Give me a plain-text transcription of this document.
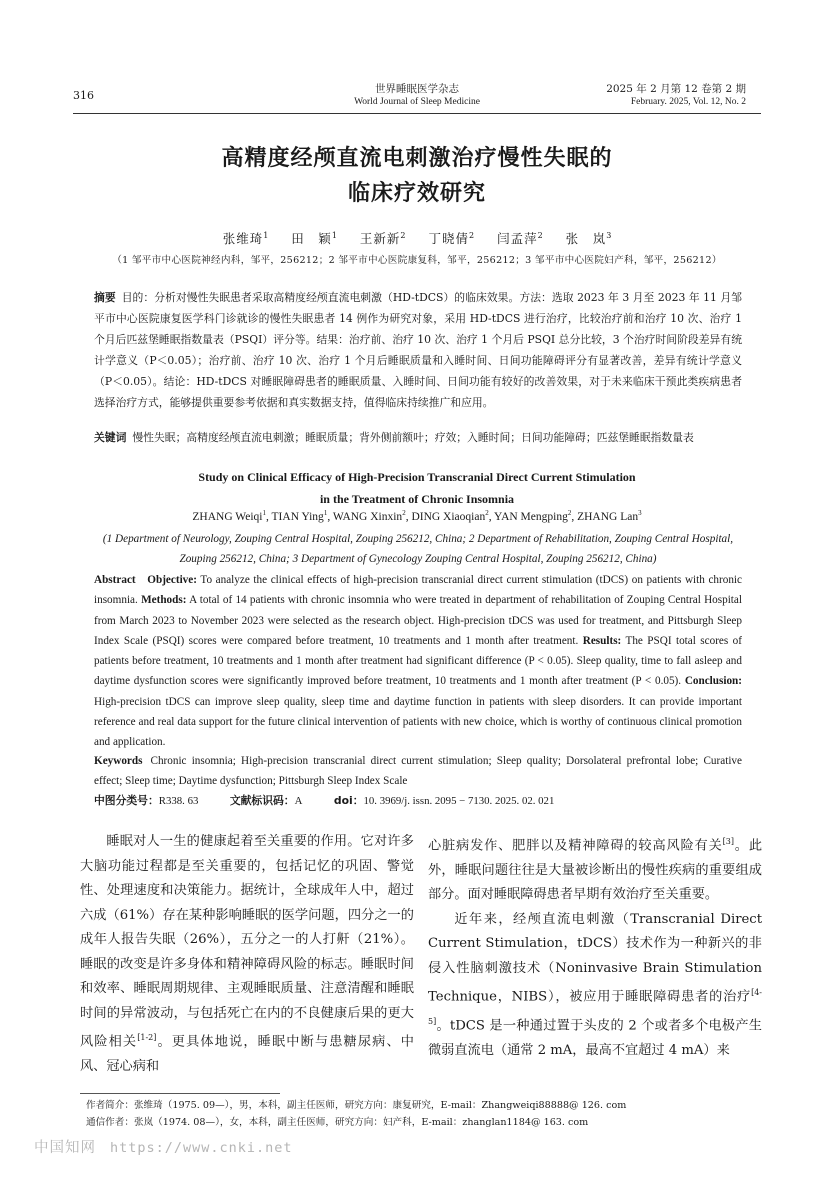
316	世界睡眠医学杂志
World Journal of Sleep Medicine
2025 年 2 月第 12 卷第 2 期
February. 2025, Vol. 12, No. 2
高精度经颅直流电刺激治疗慢性失眠的
临床疗效研究
张维琦$^1$ 田　颖$^1$ 王新新$^2$ 丁晓倩$^2$ 闫孟萍$^2$ 张　岚$^3$
（1 邹平市中心医院神经内科，邹平，256212；2 邹平市中心医院康复科，邹平，256212；3 邹平市中心医院妇产科，邹平，256212）
摘要 目的：分析对慢性失眠患者采取高精度经颅直流电刺激（HD-tDCS）的临床效果。方法：选取 2023 年 3 月至 2023 年 11 月邹平市中心医院康复医学科门诊就诊的慢性失眠患者 14 例作为研究对象，采用 HD-tDCS 进行治疗，比较治疗前和治疗 10 次、治疗 1 个月后匹兹堡睡眠指数量表（PSQI）评分等。结果：治疗前、治疗 10 次、治疗 1 个月后 PSQI 总分比较，3 个治疗时间阶段差异有统计学意义（P＜0.05）；治疗前、治疗 10 次、治疗 1 个月后睡眠质量和入睡时间、日间功能障碍评分有显著改善，差异有统计学意义（P＜0.05）。结论：HD-tDCS 对睡眠障碍患者的睡眠质量、入睡时间、日间功能有较好的改善效果，对于未来临床干预此类疾病患者选择治疗方式，能够提供重要参考依据和真实数据支持，值得临床持续推广和应用。
关键词 慢性失眠；高精度经颅直流电刺激；睡眠质量；背外侧前额叶；疗效；入睡时间；日间功能障碍；匹兹堡睡眠指数量表
Study on Clinical Efficacy of High-Precision Transcranial Direct Current Stimulation
in the Treatment of Chronic Insomnia
ZHANG Weiqi$^1$, TIAN Ying$^1$, WANG Xinxin$^2$, DING Xiaoqian$^2$, YAN Mengping$^2$, ZHANG Lan$^3$
(1 Department of Neurology, Zouping Central Hospital, Zouping 256212, China; 2 Department of Rehabilitation, Zouping Central Hospital, Zouping 256212, China; 3 Department of Gynecology Zouping Central Hospital, Zouping 256212, China)
Abstract Objective: To analyze the clinical effects of high-precision transcranial direct current stimulation (tDCS) on patients with chronic insomnia. Methods: A total of 14 patients with chronic insomnia who were treated in department of rehabilitation of Zouping Central Hospital from March 2023 to November 2023 were selected as the research object. High-precision tDCS was used for treatment, and Pittsburgh Sleep Index Scale (PSQI) scores were compared before treatment, 10 treatments and 1 month after treatment. Results: The PSQI total scores of patients before treatment, 10 treatments and 1 month after treatment had significant difference (P < 0.05). Sleep quality, time to fall asleep and daytime dysfunction scores were significantly improved before treatment, 10 treatments and 1 month after treatment (P < 0.05). Conclusion: High-precision tDCS can improve sleep quality, sleep time and daytime function in patients with sleep disorders. It can provide important reference and real data support for the future clinical intervention of patients with new choice, which is worthy of continuous clinical promotion and application.
Keywords Chronic insomnia; High-precision transcranial direct current stimulation; Sleep quality; Dorsolateral prefrontal lobe; Curative effect; Sleep time; Daytime dysfunction; Pittsburgh Sleep Index Scale
中图分类号：R338. 63	文献标识码：A	doi：10. 3969/j. issn. 2095 − 7130. 2025. 02. 021

睡眠对人一生的健康起着至关重要的作用。它对许多大脑功能过程都是至关重要的，包括记忆的巩固、警觉性、处理速度和决策能力。据统计，全球成年人中，超过六成（61%）存在某种影响睡眠的医学问题，四分之一的成年人报告失眠（26%），五分之一的人打鼾（21%）。睡眠的改变是许多身体和精神障碍风险的标志。睡眠时间和效率、睡眠周期规律、主观睡眠质量、注意清醒和睡眠时间的异常波动，与包括死亡在内的不良健康后果的更大风险相关[1-2]。更具体地说，睡眠中断与患糖尿病、中风、冠心病和

心脏病发作、肥胖以及精神障碍的较高风险有关[3]。此外，睡眠问题往往是大量被诊断出的慢性疾病的重要组成部分。面对睡眠障碍患者早期有效治疗至关重要。

近年来，经颅直流电刺激（Transcranial Direct Current Stimulation，tDCS）技术作为一种新兴的非侵入性脑刺激技术（Noninvasive Brain Stimulation Technique，NIBS），被应用于睡眠障碍患者的治疗[4-5]。tDCS 是一种通过置于头皮的 2 个或者多个电极产生微弱直流电（通常 2 mA，最高不宜超过 4 mA）来

作者简介：张维琦（1975. 09—），男，本科，副主任医师，研究方向：康复研究，E-mail：Zhangweiqi88888@ 126. com
通信作者：张岚（1974. 08—），女，本科，副主任医师，研究方向：妇产科，E-mail：zhanglan1184@ 163. com
中国知网 https://www.cnki.net
